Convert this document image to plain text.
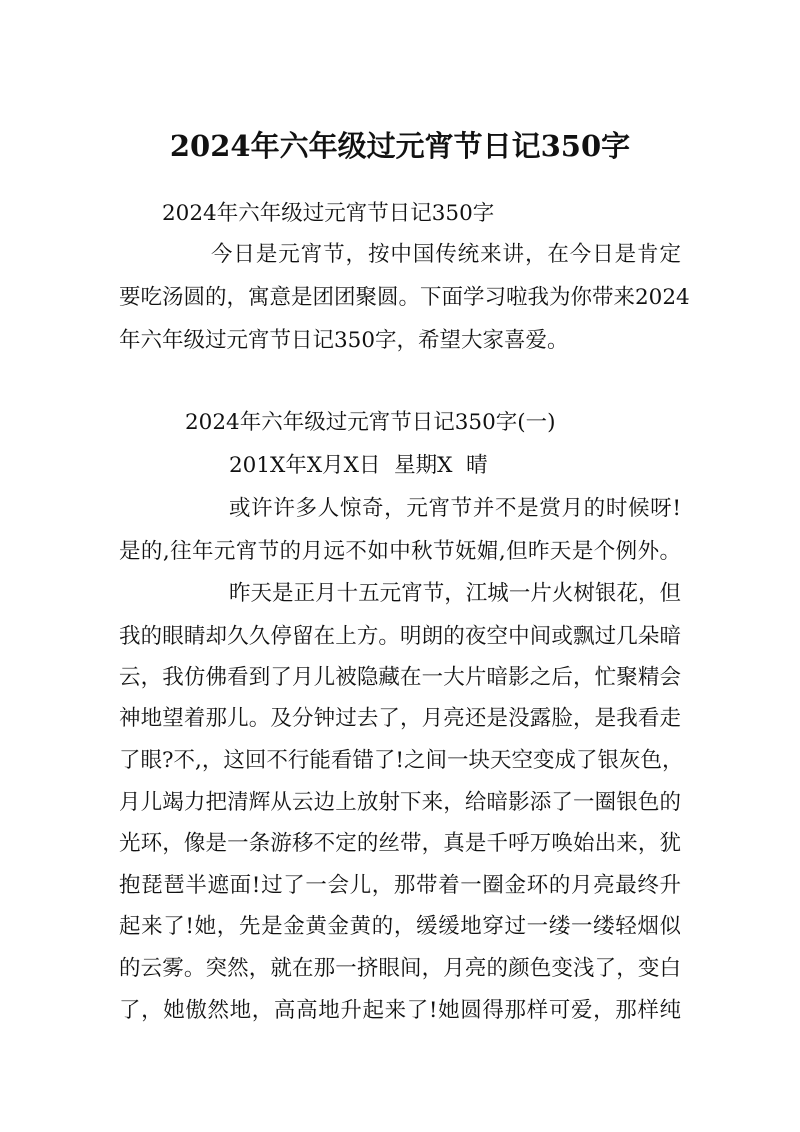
2024年六年级过元宵节日记350字
2024年六年级过元宵节日记350字
今日是元宵节，按中国传统来讲，在今日是肯定
要吃汤圆的，寓意是团团聚圆。下面学习啦我为你带来2024
年六年级过元宵节日记350字，希望大家喜爱。
2024年六年级过元宵节日记350字(一)
201X年X月X日  星期X  晴
或许许多人惊奇，元宵节并不是赏月的时候呀!
是的,往年元宵节的月远不如中秋节妩媚,但昨天是个例外。
昨天是正月十五元宵节，江城一片火树银花，但
我的眼睛却久久停留在上方。明朗的夜空中间或飘过几朵暗
云，我仿佛看到了月儿被隐藏在一大片暗影之后，忙聚精会
神地望着那儿。及分钟过去了，月亮还是没露脸，是我看走
了眼?不,，这回不行能看错了!之间一块天空变成了银灰色，
月儿竭力把清辉从云边上放射下来，给暗影添了一圈银色的
光环，像是一条游移不定的丝带，真是千呼万唤始出来，犹
抱琵琶半遮面!过了一会儿，那带着一圈金环的月亮最终升
起来了!她，先是金黄金黄的，缓缓地穿过一缕一缕轻烟似
的云雾。突然，就在那一挤眼间，月亮的颜色变浅了，变白
了，她傲然地，高高地升起来了!她圆得那样可爱，那样纯
